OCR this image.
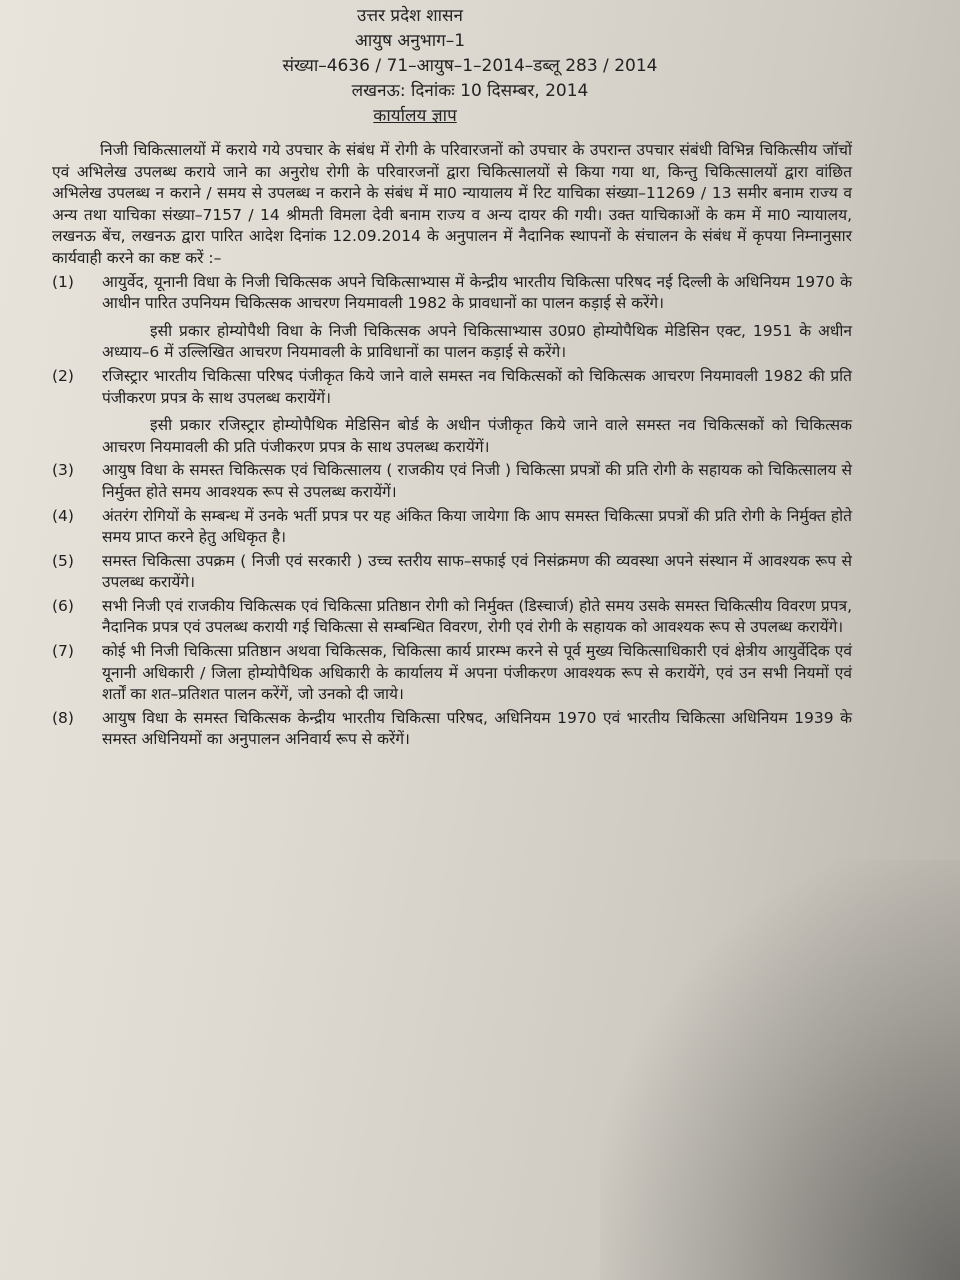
उत्तर प्रदेश शासन
आयुष अनुभाग–1
संख्या–4636 / 71–आयुष–1–2014–डब्लू 283 / 2014
लखनऊ: दिनांकः 10 दिसम्बर, 2014
कार्यालय ज्ञाप

निजी चिकित्सालयों में कराये गये उपचार के संबंध में रोगी के परिवारजनों को उपचार के उपरान्त उपचार संबंधी विभिन्न चिकित्सीय जॉचों एवं अभिलेख उपलब्ध कराये जाने का अनुरोध रोगी के परिवारजनों द्वारा चिकित्सालयों से किया गया था, किन्तु चिकित्सालयों द्वारा वांछित अभिलेख उपलब्ध न कराने / समय से उपलब्ध न कराने के संबंध में मा0 न्यायालय में रिट याचिका संख्या–11269 / 13 समीर बनाम राज्य व अन्य तथा याचिका संख्या–7157 / 14 श्रीमती विमला देवी बनाम राज्य व अन्य दायर की गयी। उक्त याचिकाओं के कम में मा0 न्यायालय, लखनऊ बेंच, लखनऊ द्वारा पारित आदेश दिनांक 12.09.2014 के अनुपालन में नैदानिक स्थापनों के संचालन के संबंध में कृपया निम्नानुसार कार्यवाही करने का कष्ट करें :–

(1)	आयुर्वेद, यूनानी विधा के निजी चिकित्सक अपने चिकित्साभ्यास में केन्द्रीय भारतीय चिकित्सा परिषद नई दिल्ली के अधिनियम 1970 के आधीन पारित उपनियम चिकित्सक आचरण नियमावली 1982 के प्रावधानों का पालन कड़ाई से करेंगे।

इसी प्रकार होम्योपैथी विधा के निजी चिकित्सक अपने चिकित्साभ्यास उ0प्र0 होम्योपैथिक मेडिसिन एक्ट, 1951 के अधीन अध्याय–6 में उल्लिखित आचरण नियमावली के प्राविधानों का पालन कड़ाई से करेंगे।

(2)	रजिस्ट्रार भारतीय चिकित्सा परिषद पंजीकृत किये जाने वाले समस्त नव चिकित्सकों को चिकित्सक आचरण नियमावली 1982 की प्रति पंजीकरण प्रपत्र के साथ उपलब्ध करायेंगें।

इसी प्रकार रजिस्ट्रार होम्योपैथिक मेडिसिन बोर्ड के अधीन पंजीकृत किये जाने वाले समस्त नव चिकित्सकों को चिकित्सक आचरण नियमावली की प्रति पंजीकरण प्रपत्र के साथ उपलब्ध करायेंगें।

(3)	आयुष विधा के समस्त चिकित्सक एवं चिकित्सालय ( राजकीय एवं निजी ) चिकित्सा प्रपत्रों की प्रति रोगी के सहायक को चिकित्सालय से निर्मुक्त होते समय आवश्यक रूप से उपलब्ध करायेंगें।

(4)	अंतरंग रोगियों के सम्बन्ध में उनके भर्ती प्रपत्र पर यह अंकित किया जायेगा कि आप समस्त चिकित्सा प्रपत्रों की प्रति रोगी के निर्मुक्त होते समय प्राप्त करने हेतु अधिकृत है।

(5)	समस्त चिकित्सा उपक्रम ( निजी एवं सरकारी ) उच्च स्तरीय साफ–सफाई एवं निसंक्रमण की व्यवस्था अपने संस्थान में आवश्यक रूप से उपलब्ध करायेंगे।

(6)	सभी निजी एवं राजकीय चिकित्सक एवं चिकित्सा प्रतिष्ठान रोगी को निर्मुक्त (डिस्चार्ज) होते समय उसके समस्त चिकित्सीय विवरण प्रपत्र, नैदानिक प्रपत्र एवं उपलब्ध करायी गई चिकित्सा से सम्बन्धित विवरण, रोगी एवं रोगी के सहायक को आवश्यक रूप से उपलब्ध करायेंगे।

(7)	कोई भी निजी चिकित्सा प्रतिष्ठान अथवा चिकित्सक, चिकित्सा कार्य प्रारम्भ करने से पूर्व मुख्य चिकित्साधिकारी एवं क्षेत्रीय आयुर्वेदिक एवं यूनानी अधिकारी / जिला होम्योपैथिक अधिकारी के कार्यालय में अपना पंजीकरण आवश्यक रूप से करायेंगे, एवं उन सभी नियमों एवं शर्तों का शत–प्रतिशत पालन करेंगें, जो उनको दी जाये।

(8)	आयुष विधा के समस्त चिकित्सक केन्द्रीय भारतीय चिकित्सा परिषद, अधिनियम 1970 एवं भारतीय चिकित्सा अधिनियम 1939 के समस्त अधिनियमों का अनुपालन अनिवार्य रूप से करेंगें।
